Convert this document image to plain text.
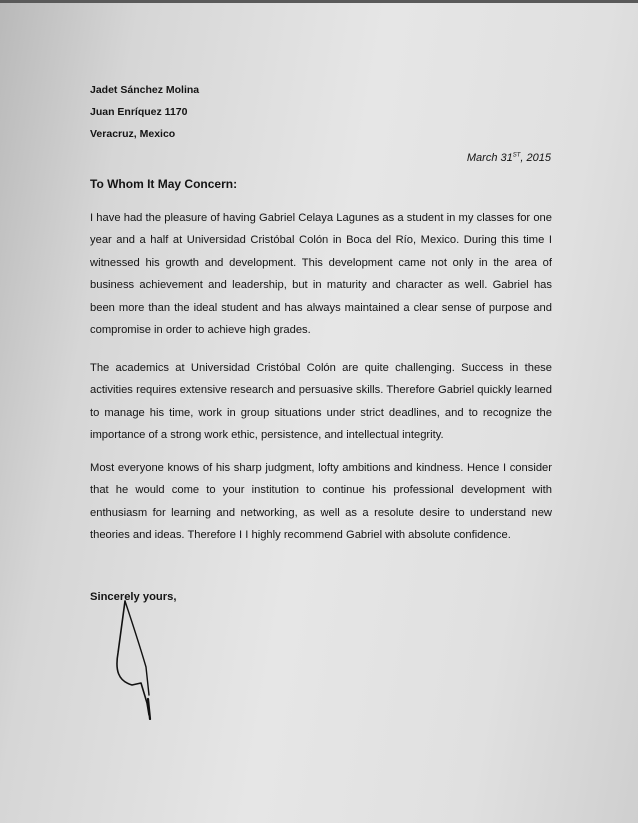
Jadet Sánchez Molina
Juan Enríquez 1170
Veracruz, Mexico
March 31ST, 2015
To Whom It May Concern:

I have had the pleasure of having Gabriel Celaya Lagunes as a student in my classes for one year and a half at Universidad Cristóbal Colón in Boca del Río, Mexico. During this time I witnessed his growth and development. This development came not only in the area of business achievement and leadership, but in maturity and character as well. Gabriel has been more than the ideal student and has always maintained a clear sense of purpose and compromise in order to achieve high grades.

The academics at Universidad Cristóbal Colón are quite challenging. Success in these activities requires extensive research and persuasive skills. Therefore Gabriel quickly learned to manage his time, work in group situations under strict deadlines, and to recognize the importance of a strong work ethic, persistence, and intellectual integrity.

Most everyone knows of his sharp judgment, lofty ambitions and kindness. Hence I consider that he would come to your institution to continue his professional development with enthusiasm for learning and networking, as well as a resolute desire to understand new theories and ideas. Therefore I I highly recommend Gabriel with absolute confidence.

Sincerely yours,
